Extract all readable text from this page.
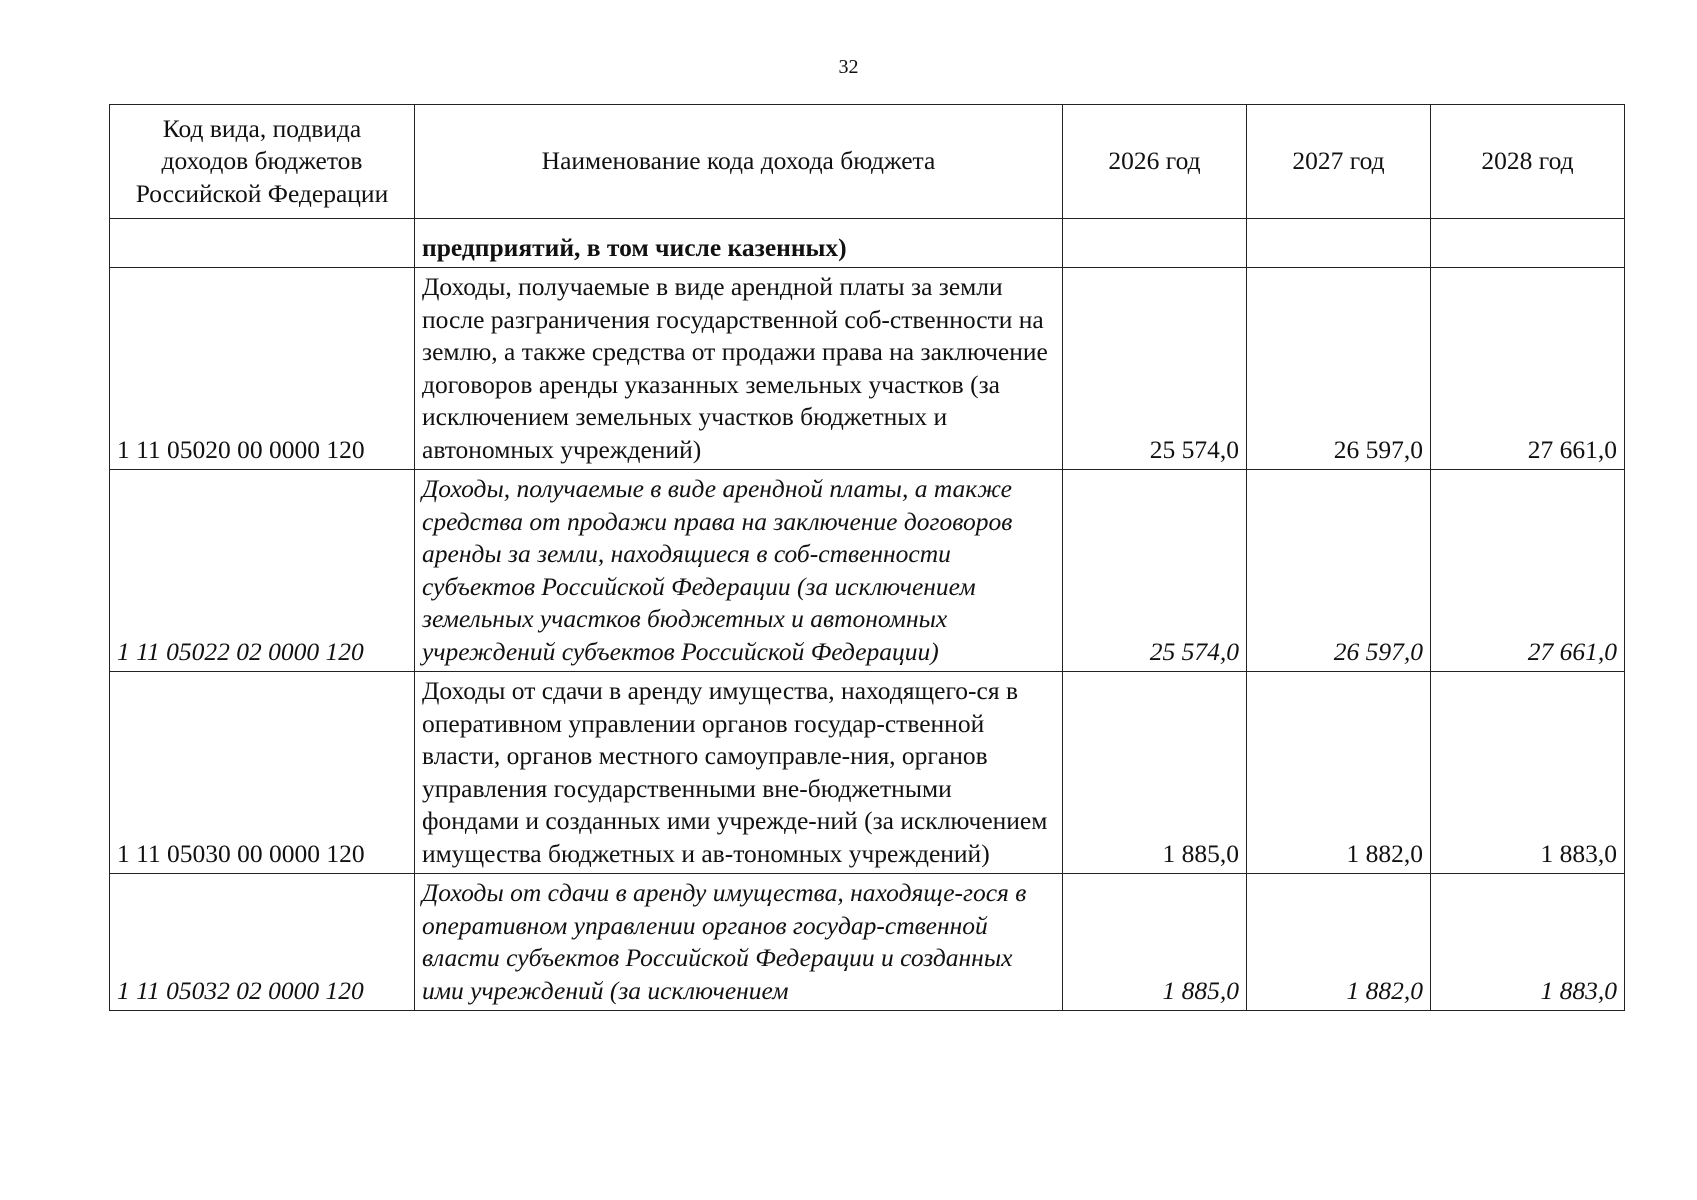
32
Код вида, подвида доходов бюджетов Российской Федерации	Наименование кода дохода бюджета	2026 год	2027 год	2028 год
	предприятий, в том числе казенных)			
1 11 05020 00 0000 120	Доходы, получаемые в виде арендной платы за земли после разграничения государственной соб-ственности на землю, а также средства от продажи права на заключение договоров аренды указанных земельных участков (за исключением земельных участков бюджетных и автономных учреждений)	25 574,0	26 597,0	27 661,0
1 11 05022 02 0000 120	Доходы, получаемые в виде арендной платы, а также средства от продажи права на заключение договоров аренды за земли, находящиеся в соб-ственности субъектов Российской Федерации (за исключением земельных участков бюджетных и автономных учреждений субъектов Российской Федерации)	25 574,0	26 597,0	27 661,0
1 11 05030 00 0000 120	Доходы от сдачи в аренду имущества, находящего-ся в оперативном управлении органов государ-ственной власти, органов местного самоуправле-ния, органов управления государственными вне-бюджетными фондами и созданных ими учрежде-ний (за исключением имущества бюджетных и ав-тономных учреждений)	1 885,0	1 882,0	1 883,0
1 11 05032 02 0000 120	Доходы от сдачи в аренду имущества, находяще-гося в оперативном управлении органов государ-ственной власти субъектов Российской Федерации и созданных ими учреждений (за исключением	1 885,0	1 882,0	1 883,0
